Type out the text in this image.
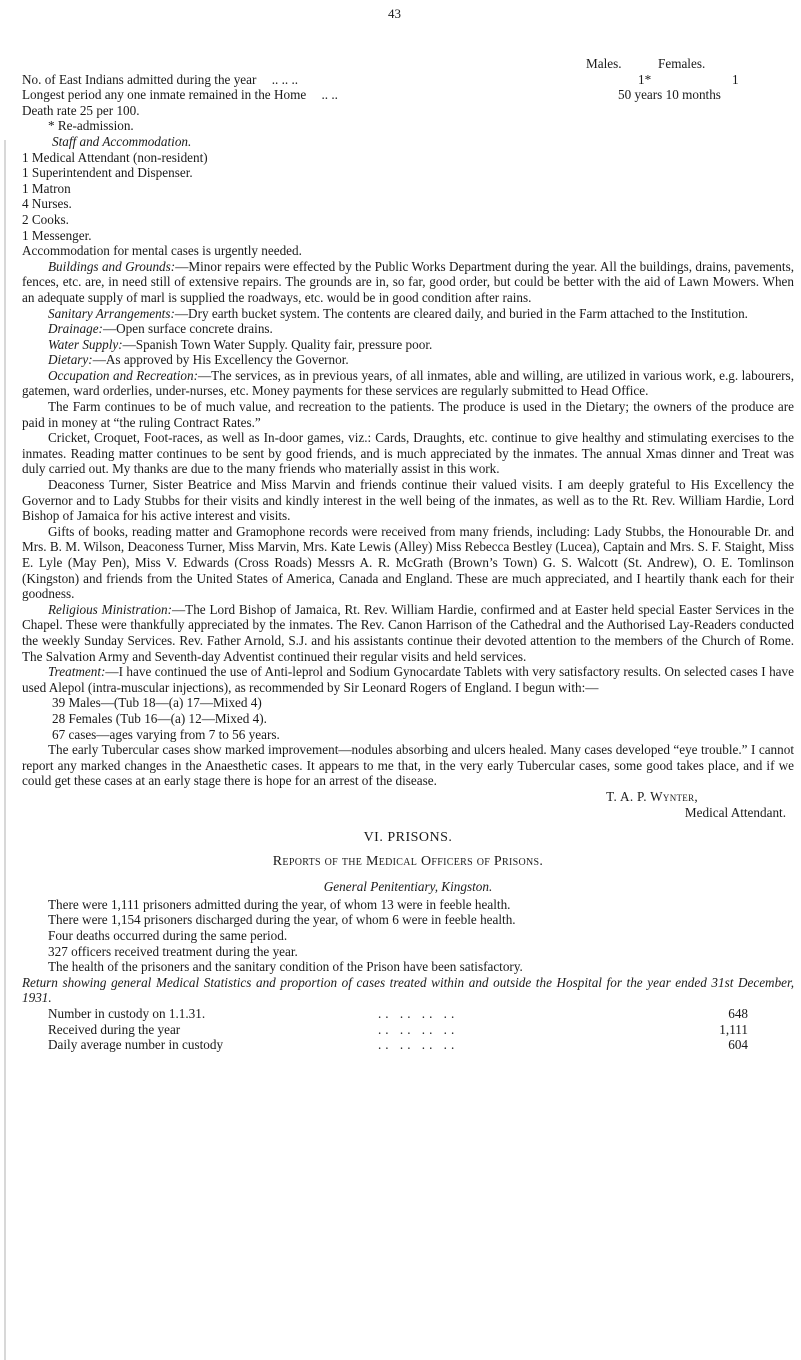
43
Males.	Females.
No. of East Indians admitted during the year .. .. ..	1*	1
Longest period any one inmate remained in the Home .. ..	50 years 10 months

Death rate 25 per 100.

* Re-admission.

Staff and Accommodation.

1 Medical Attendant (non-resident)

1 Superintendent and Dispenser.

1 Matron

4 Nurses.

2 Cooks.

1 Messenger.

Accommodation for mental cases is urgently needed.

Buildings and Grounds:—Minor repairs were effected by the Public Works Department during the year. All the buildings, drains, pavements, fences, etc. are, in need still of extensive repairs. The grounds are in, so far, good order, but could be better with the aid of Lawn Mowers. When an adequate supply of marl is supplied the roadways, etc. would be in good condition after rains.

Sanitary Arrangements:—Dry earth bucket system. The contents are cleared daily, and buried in the Farm attached to the Institution.

Drainage:—Open surface concrete drains.

Water Supply:—Spanish Town Water Supply. Quality fair, pressure poor.

Dietary:—As approved by His Excellency the Governor.

Occupation and Recreation:—The services, as in previous years, of all inmates, able and willing, are utilized in various work, e.g. labourers, gatemen, ward orderlies, under-nurses, etc. Money payments for these services are regularly submitted to Head Office.

The Farm continues to be of much value, and recreation to the patients. The produce is used in the Dietary; the owners of the produce are paid in money at “the ruling Contract Rates.”

Cricket, Croquet, Foot-races, as well as In-door games, viz.: Cards, Draughts, etc. continue to give healthy and stimulating exercises to the inmates. Reading matter continues to be sent by good friends, and is much appreciated by the inmates. The annual Xmas dinner and Treat was duly carried out. My thanks are due to the many friends who materially assist in this work.

Deaconess Turner, Sister Beatrice and Miss Marvin and friends continue their valued visits. I am deeply grateful to His Excellency the Governor and to Lady Stubbs for their visits and kindly interest in the well being of the inmates, as well as to the Rt. Rev. William Hardie, Lord Bishop of Jamaica for his active interest and visits.

Gifts of books, reading matter and Gramophone records were received from many friends, including: Lady Stubbs, the Honourable Dr. and Mrs. B. M. Wilson, Deaconess Turner, Miss Marvin, Mrs. Kate Lewis (Alley) Miss Rebecca Bestley (Lucea), Captain and Mrs. S. F. Staight, Miss E. Lyle (May Pen), Miss V. Edwards (Cross Roads) Messrs A. R. McGrath (Brown’s Town) G. S. Walcott (St. Andrew), O. E. Tomlinson (Kingston) and friends from the United States of America, Canada and England. These are much appreciated, and I heartily thank each for their goodness.

Religious Ministration:—The Lord Bishop of Jamaica, Rt. Rev. William Hardie, confirmed and at Easter held special Easter Services in the Chapel. These were thankfully appreciated by the inmates. The Rev. Canon Harrison of the Cathedral and the Authorised Lay-Readers conducted the weekly Sunday Services. Rev. Father Arnold, S.J. and his assistants continue their devoted attention to the members of the Church of Rome. The Salvation Army and Seventh-day Adventist continued their regular visits and held services.

Treatment:—I have continued the use of Anti-leprol and Sodium Gynocardate Tablets with very satisfactory results. On selected cases I have used Alepol (intra-muscular injections), as recommended by Sir Leonard Rogers of England. I begun with:—

39 Males—(Tub 18—(a) 17—Mixed 4)

28 Females (Tub 16—(a) 12—Mixed 4).

67 cases—ages varying from 7 to 56 years.

The early Tubercular cases show marked improvement—nodules absorbing and ulcers healed. Many cases developed “eye trouble.” I cannot report any marked changes in the Anaesthetic cases. It appears to me that, in the very early Tubercular cases, some good takes place, and if we could get these cases at an early stage there is hope for an arrest of the disease.

T. A. P. Wynter,
Medical Attendant.
VI. PRISONS.
Reports of the Medical Officers of Prisons.
General Penitentiary, Kingston.

There were 1,111 prisoners admitted during the year, of whom 13 were in feeble health.

There were 1,154 prisoners discharged during the year, of whom 6 were in feeble health.

Four deaths occurred during the same period.

327 officers received treatment during the year.

The health of the prisoners and the sanitary condition of the Prison have been satisfactory.

Return showing general Medical Statistics and proportion of cases treated within and outside the Hospital for the year ended 31st December, 1931.

Number in custody on 1.1.31.	.. .. .. ..	648
Received during the year	.. .. .. ..	1,111
Daily average number in custody	.. .. .. ..	604
